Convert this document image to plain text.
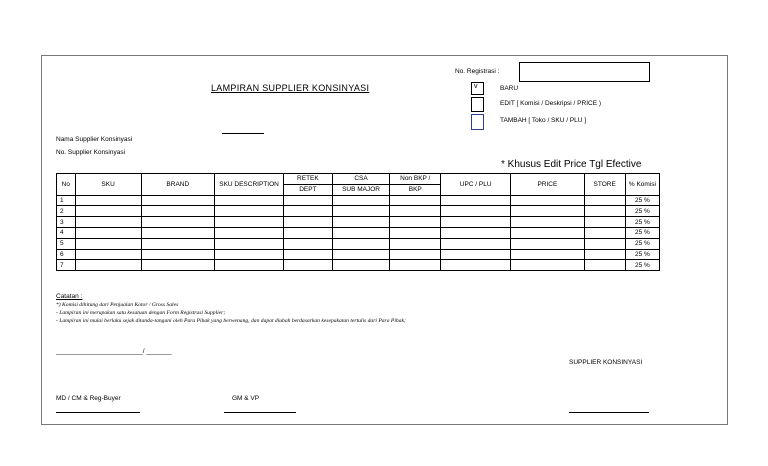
No. Registrasi :
LAMPIRAN SUPPLIER KONSINYASI	v	BARU
EDIT [ Komisi / Deskripsi / PRICE )
TAMBAH [ Toko / SKU / PLU ]
Nama Supplier Konsinyasi
No. Supplier Konsinyasi
* Khusus Edit Price Tgl Efective
No	SKU	BRAND	SKU DESCRIPTION	RETEK	CSA	Non BKP /	UPC / PLU	PRICE	STORE	% Komisi
				DEPT	SUB MAJOR	BKP				
1										25 %
2										25 %
3										25 %
4										25 %
5										25 %
6										25 %
7										25 %
Catatan :
*) Komisi dihitung dari Penjualan Kotor / Gross Sales
- Lampiran ini merupakan satu kesatuan dengan Form Registrasi Supplier;
- Lampiran ini mulai berlaku sejak ditanda-tangani oleh Para Pihak yang berwenang, dan dapat diubah berdasarkan kesepakatan tertulis dari Para Pihak;
________________________/ _______
SUPPLIER KONSINYASI
MD / CM & Reg-Buyer	GM & VP
